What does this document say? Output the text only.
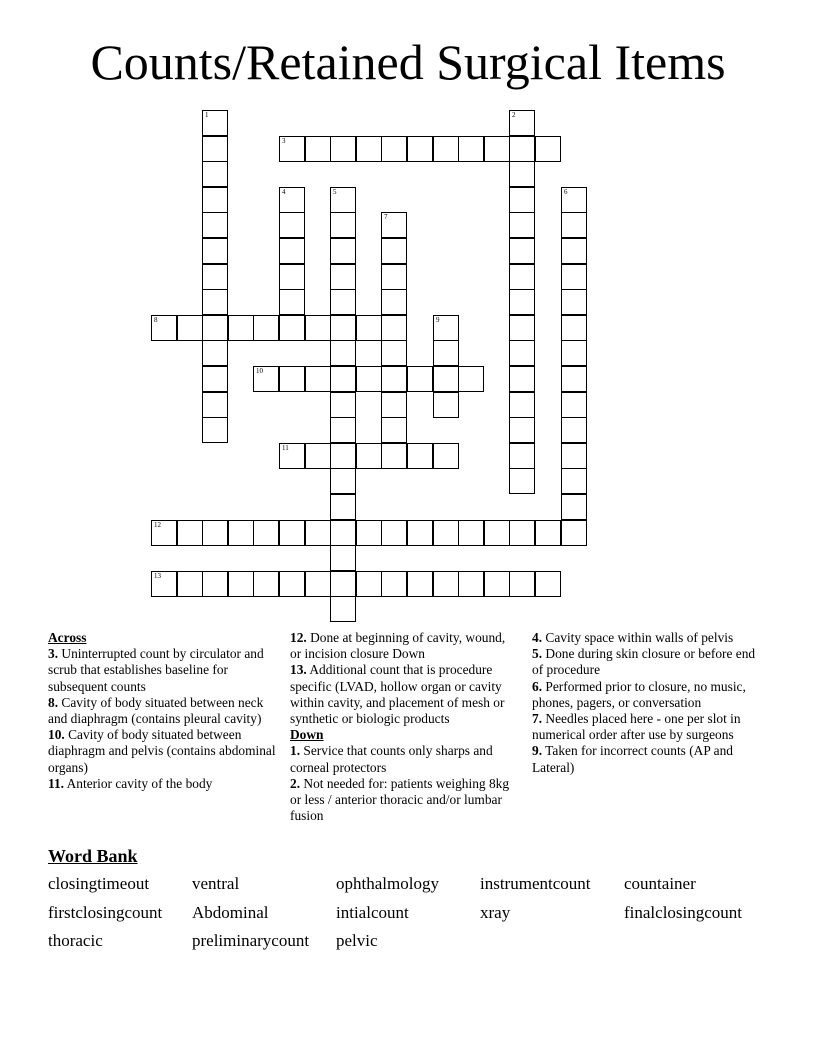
Counts/Retained Surgical Items
1	2
3
4	5	6
7
8	9
10
11
12
13
Across
3. Uninterrupted count by circulator and scrub that establishes baseline for subsequent counts
8. Cavity of body situated between neck and diaphragm (contains pleural cavity)
10. Cavity of body situated between diaphragm and pelvis (contains abdominal organs)
11. Anterior cavity of the body
12. Done at beginning of cavity, wound, or incision closure Down
13. Additional count that is procedure specific (LVAD, hollow organ or cavity within cavity, and placement of mesh or synthetic or biologic products
Down
1. Service that counts only sharps and corneal protectors
2. Not needed for: patients weighing 8kg or less / anterior thoracic and/or lumbar fusion
4. Cavity space within walls of pelvis
5. Done during skin closure or before end of procedure
6. Performed prior to closure, no music, phones, pagers, or conversation
7. Needles placed here - one per slot in numerical order after use by surgeons
9. Taken for incorrect counts (AP and Lateral)
Word Bank
closingtimeout	ventral	ophthalmology	instrumentcount	countainer
firstclosingcount	Abdominal	intialcount	xray	finalclosingcount
thoracic	preliminarycount	pelvic
